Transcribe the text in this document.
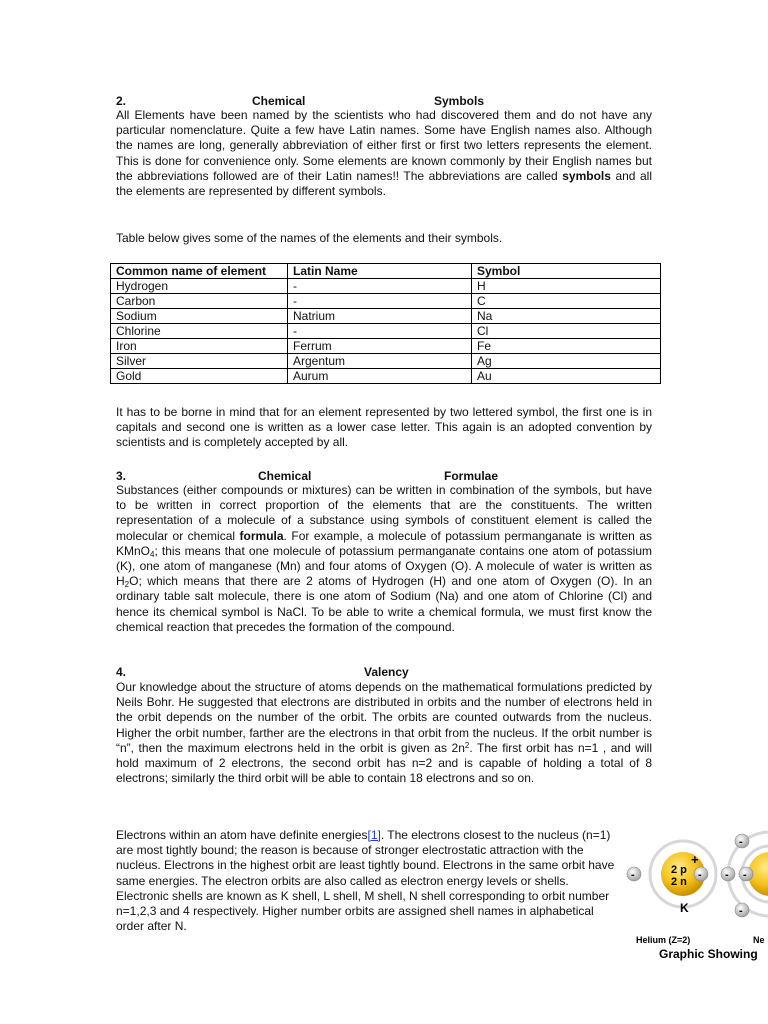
2.	Chemical	Symbols

All Elements have been named by the scientists who had discovered them and do not have any particular nomenclature. Quite a few have Latin names. Some have English names also. Although the names are long, generally abbreviation of either first or first two letters represents the element. This is done for convenience only. Some elements are known commonly by their English names but the abbreviations followed are of their Latin names!! The abbreviations are called symbols and all the elements are represented by different symbols.

Table below gives some of the names of the elements and their symbols.

Common name of element	Latin Name	Symbol
Hydrogen	-	H
Carbon	-	C
Sodium	Natrium	Na
Chlorine	-	Cl
Iron	Ferrum	Fe
Silver	Argentum	Ag
Gold	Aurum	Au

It has to be borne in mind that for an element represented by two lettered symbol, the first one is in capitals and second one is written as a lower case letter. This again is an adopted convention by scientists and is completely accepted by all.

3.	Chemical	Formulae

Substances (either compounds or mixtures) can be written in combination of the symbols, but have to be written in correct proportion of the elements that are the constituents. The written representation of a molecule of a substance using symbols of constituent element is called the molecular or chemical formula. For example, a molecule of potassium permanganate is written as KMnO$_4$; this means that one molecule of potassium permanganate contains one atom of potassium (K), one atom of manganese (Mn) and four atoms of Oxygen (O). A molecule of water is written as $H_2O$; which means that there are 2 atoms of Hydrogen (H) and one atom of Oxygen (O). In an ordinary table salt molecule, there is one atom of Sodium (Na) and one atom of Chlorine (Cl) and hence its chemical symbol is NaCl. To be able to write a chemical formula, we must first know the chemical reaction that precedes the formation of the compound.

4.	Valency

Our knowledge about the structure of atoms depends on the mathematical formulations predicted by Neils Bohr. He suggested that electrons are distributed in orbits and the number of electrons held in the orbit depends on the number of the orbit. The orbits are counted outwards from the nucleus. Higher the orbit number, farther are the electrons in that orbit from the nucleus. If the orbit number is “n”, then the maximum electrons held in the orbit is given as $2n^2$. The first orbit has n=1 , and will hold maximum of 2 electrons, the second orbit has n=2 and is capable of holding a total of 8 electrons; similarly the third orbit will be able to contain 18 electrons and so on.

Electrons within an atom have definite energies[1]. The electrons closest to the nucleus (n=1) are most tightly bound; the reason is because of stronger electrostatic attraction with the nucleus. Electrons in the highest orbit are least tightly bound. Electrons in the same orbit have same energies. The electron orbits are also called as electron energy levels or shells. Electronic shells are known as K shell, L shell, M shell, N shell corresponding to orbit number n=1,2,3 and 4 respectively. Higher number orbits are assigned shell names in alphabetical order after N.
+
2 p
2 n
-	-
K
-
- -
-
Helium (Z=2)	Ne
Graphic Showing
